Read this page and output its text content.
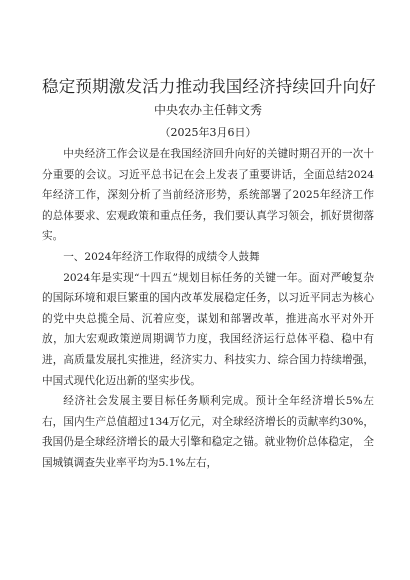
稳定预期激发活力推动我国经济持续回升向好
中央农办主任韩文秀
（2025年3月6日）

中央经济工作会议是在我国经济回升向好的关键时期召开的一次十分重要的会议。习近平总书记在会上发表了重要讲话，全面总结2024年经济工作，深刻分析了当前经济形势，系统部署了2025年经济工作的总体要求、宏观政策和重点任务，我们要认真学习领会，抓好贯彻落实。

一、2024年经济工作取得的成绩令人鼓舞

2024年是实现“十四五”规划目标任务的关键一年。面对严峻复杂的国际环境和艰巨繁重的国内改革发展稳定任务，以习近平同志为核心的党中央总揽全局、沉着应变，谋划和部署改革，推进高水平对外开放，加大宏观政策逆周期调节力度，我国经济运行总体平稳、稳中有进，高质量发展扎实推进，经济实力、科技实力、综合国力持续增强，中国式现代化迈出新的坚实步伐。

经济社会发展主要目标任务顺利完成。预计全年经济增长5%左右，国内生产总值超过134万亿元，对全球经济增长的贡献率约30%，我国仍是全球经济增长的最大引擎和稳定之锚。就业物价总体稳定， 全国城镇调查失业率平均为5.1%左右，
